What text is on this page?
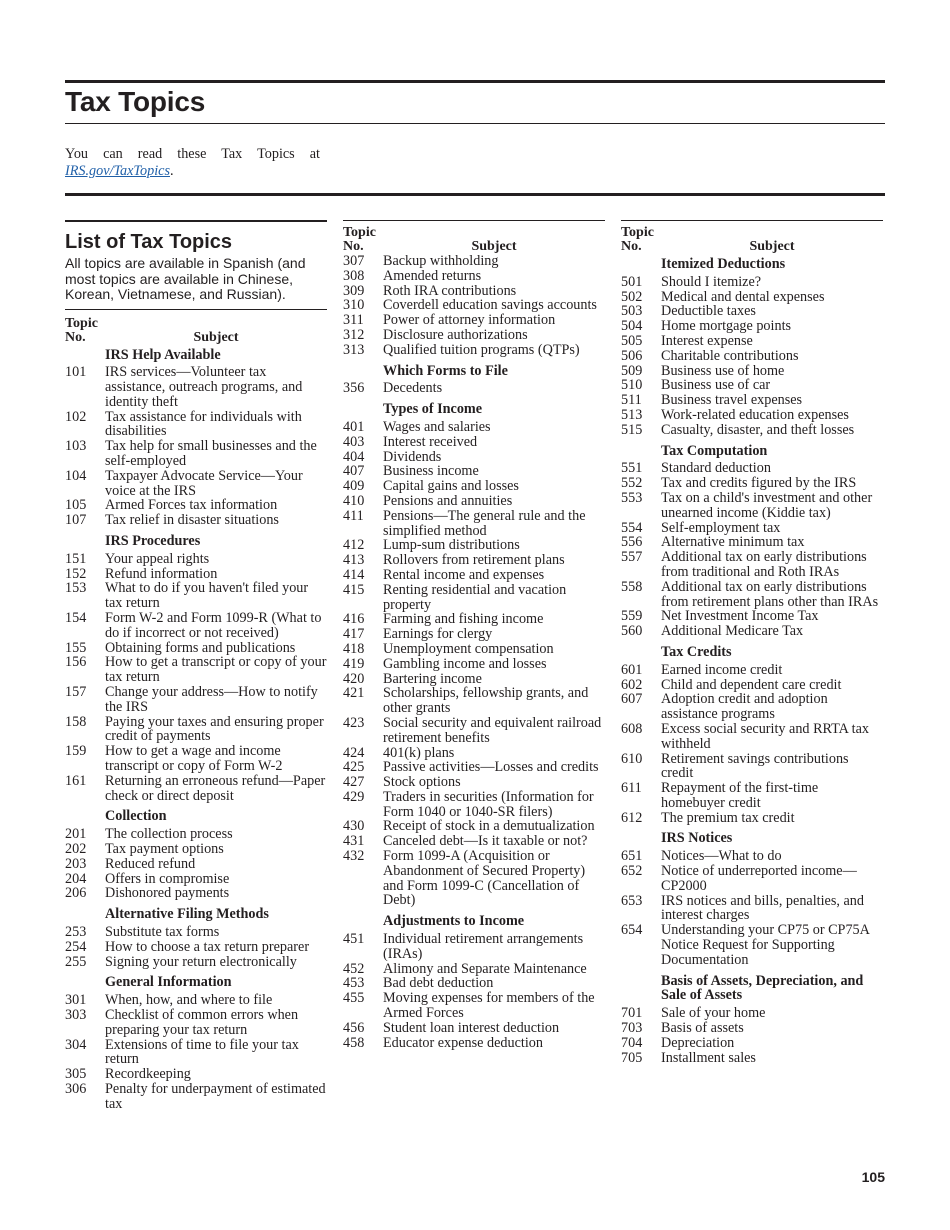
Tax Topics
You can read these Tax Topics at IRS.gov/TaxTopics.
List of Tax Topics

All topics are available in Spanish (and most topics are available in Chinese, Korean, Vietnamese, and Russian).

Topic
No.	Subject
IRS Help Available
101	IRS services—Volunteer tax assistance, outreach programs, and identity theft
102	Tax assistance for individuals with disabilities
103	Tax help for small businesses and the self-employed
104	Taxpayer Advocate Service—Your voice at the IRS
105	Armed Forces tax information
107	Tax relief in disaster situations
IRS Procedures
151	Your appeal rights
152	Refund information
153	What to do if you haven't filed your tax return
154	Form W-2 and Form 1099-R (What to do if incorrect or not received)
155	Obtaining forms and publications
156	How to get a transcript or copy of your tax return
157	Change your address—How to notify the IRS
158	Paying your taxes and ensuring proper credit of payments
159	How to get a wage and income transcript or copy of Form W-2
161	Returning an erroneous refund—Paper check or direct deposit
Collection
201	The collection process
202	Tax payment options
203	Reduced refund
204	Offers in compromise
206	Dishonored payments
Alternative Filing Methods
253	Substitute tax forms
254	How to choose a tax return preparer
255	Signing your return electronically
General Information
301	When, how, and where to file
303	Checklist of common errors when preparing your tax return
304	Extensions of time to file your tax return
305	Recordkeeping
306	Penalty for underpayment of estimated tax
Topic
No.	Subject
307	Backup withholding
308	Amended returns
309	Roth IRA contributions
310	Coverdell education savings accounts
311	Power of attorney information
312	Disclosure authorizations
313	Qualified tuition programs (QTPs)
Which Forms to File
356	Decedents
Types of Income
401	Wages and salaries
403	Interest received
404	Dividends
407	Business income
409	Capital gains and losses
410	Pensions and annuities
411	Pensions—The general rule and the simplified method
412	Lump-sum distributions
413	Rollovers from retirement plans
414	Rental income and expenses
415	Renting residential and vacation property
416	Farming and fishing income
417	Earnings for clergy
418	Unemployment compensation
419	Gambling income and losses
420	Bartering income
421	Scholarships, fellowship grants, and other grants
423	Social security and equivalent railroad retirement benefits
424	401(k) plans
425	Passive activities—Losses and credits
427	Stock options
429	Traders in securities (Information for Form 1040 or 1040-SR filers)
430	Receipt of stock in a demutualization
431	Canceled debt—Is it taxable or not?
432	Form 1099-A (Acquisition or Abandonment of Secured Property) and Form 1099-C (Cancellation of Debt)
Adjustments to Income
451	Individual retirement arrangements (IRAs)
452	Alimony and Separate Maintenance
453	Bad debt deduction
455	Moving expenses for members of the Armed Forces
456	Student loan interest deduction
458	Educator expense deduction
Topic
No.	Subject
Itemized Deductions
501	Should I itemize?
502	Medical and dental expenses
503	Deductible taxes
504	Home mortgage points
505	Interest expense
506	Charitable contributions
509	Business use of home
510	Business use of car
511	Business travel expenses
513	Work-related education expenses
515	Casualty, disaster, and theft losses
Tax Computation
551	Standard deduction
552	Tax and credits figured by the IRS
553	Tax on a child's investment and other unearned income (Kiddie tax)
554	Self-employment tax
556	Alternative minimum tax
557	Additional tax on early distributions from traditional and Roth IRAs
558	Additional tax on early distributions from retirement plans other than IRAs
559	Net Investment Income Tax
560	Additional Medicare Tax
Tax Credits
601	Earned income credit
602	Child and dependent care credit
607	Adoption credit and adoption assistance programs
608	Excess social security and RRTA tax withheld
610	Retirement savings contributions credit
611	Repayment of the first-time homebuyer credit
612	The premium tax credit
IRS Notices
651	Notices—What to do
652	Notice of underreported income—CP2000
653	IRS notices and bills, penalties, and interest charges
654	Understanding your CP75 or CP75A Notice Request for Supporting Documentation
Basis of Assets, Depreciation, and Sale of Assets
701	Sale of your home
703	Basis of assets
704	Depreciation
705	Installment sales
105
